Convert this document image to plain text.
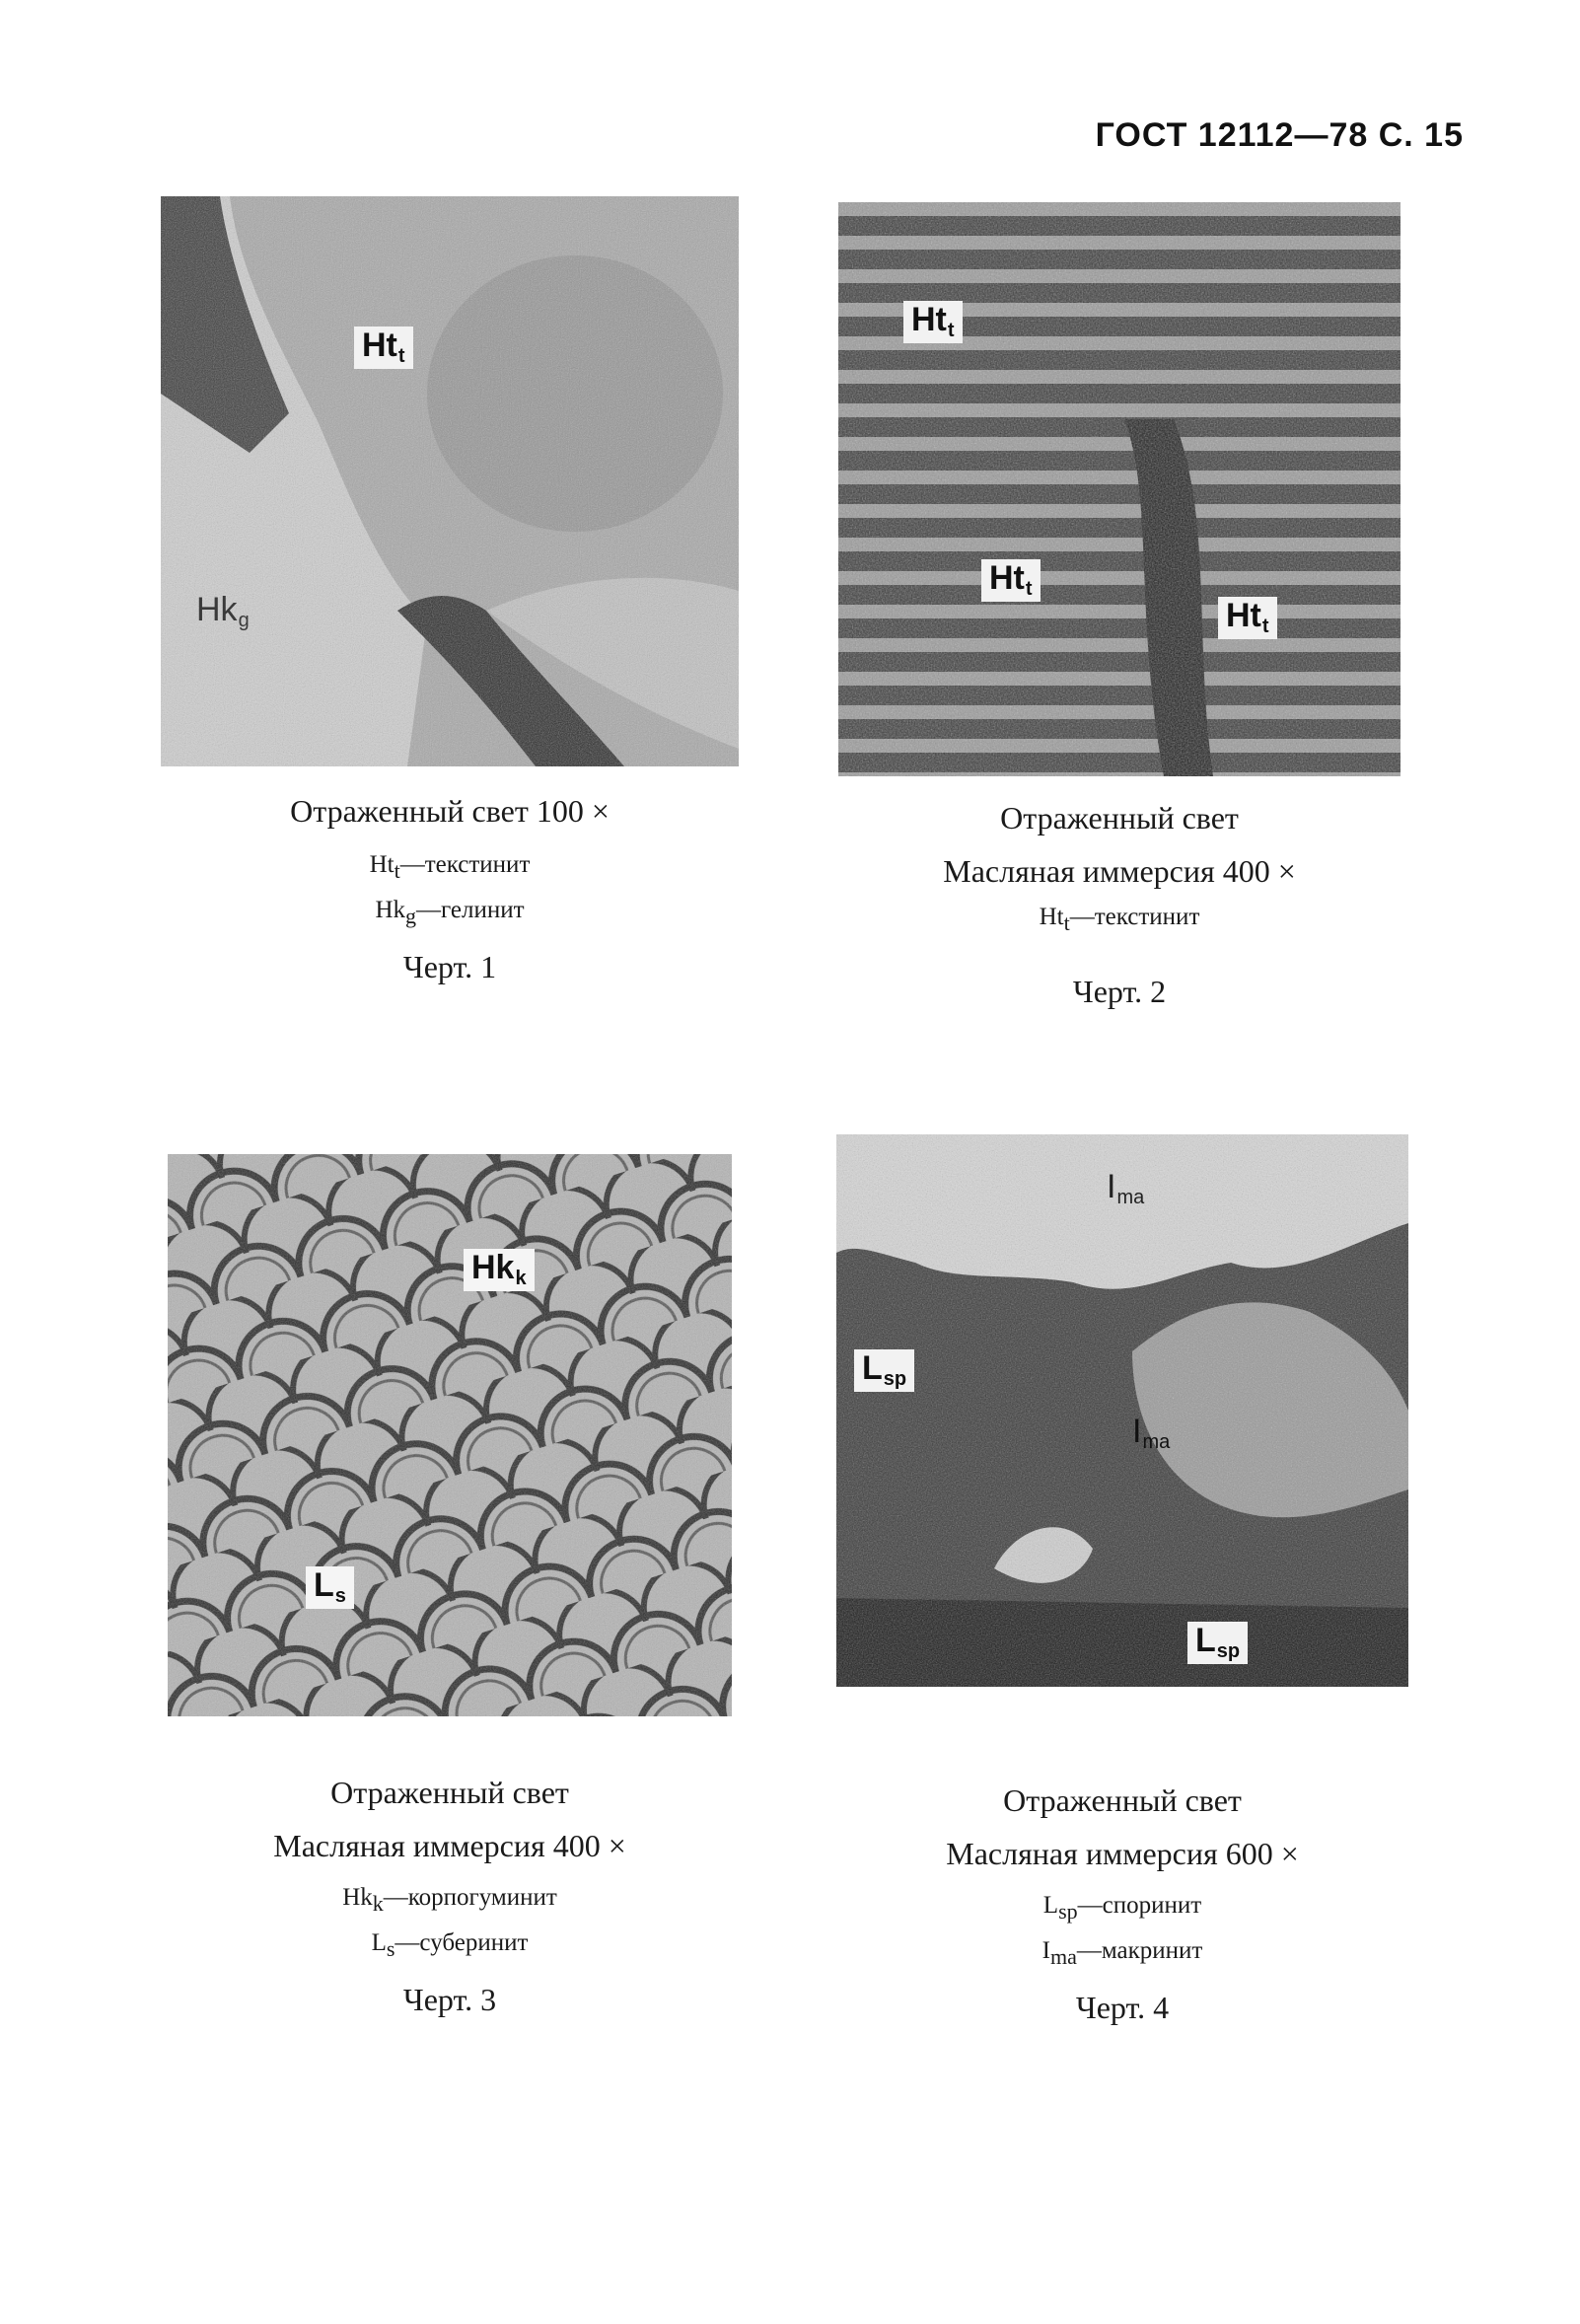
ГОСТ 12112—78 С. 15
$Ht_t$
$Hk_g$
Отраженный свет 100 ×
$Ht_t—текстинит$
$Hk_g—гелинит$
Черт. 1
$Ht_t$
$Ht_t$
$Ht_t$
Отраженный свет
Масляная иммерсия 400 ×
$Ht_t—текстинит$
Черт. 2
$Hk_k$
$L_s$
Отраженный свет
Масляная иммерсия 400 ×
$Hk_k—корпогуминит$
$L_s—суберинит$
Черт. 3
$I_{ma}$
$L_{sp}$
$I_{ma}$
$L_{sp}$
Отраженный свет
Масляная иммерсия 600 ×
$L_{sp}—споринит$
$I_{ma}—макринит$
Черт. 4
